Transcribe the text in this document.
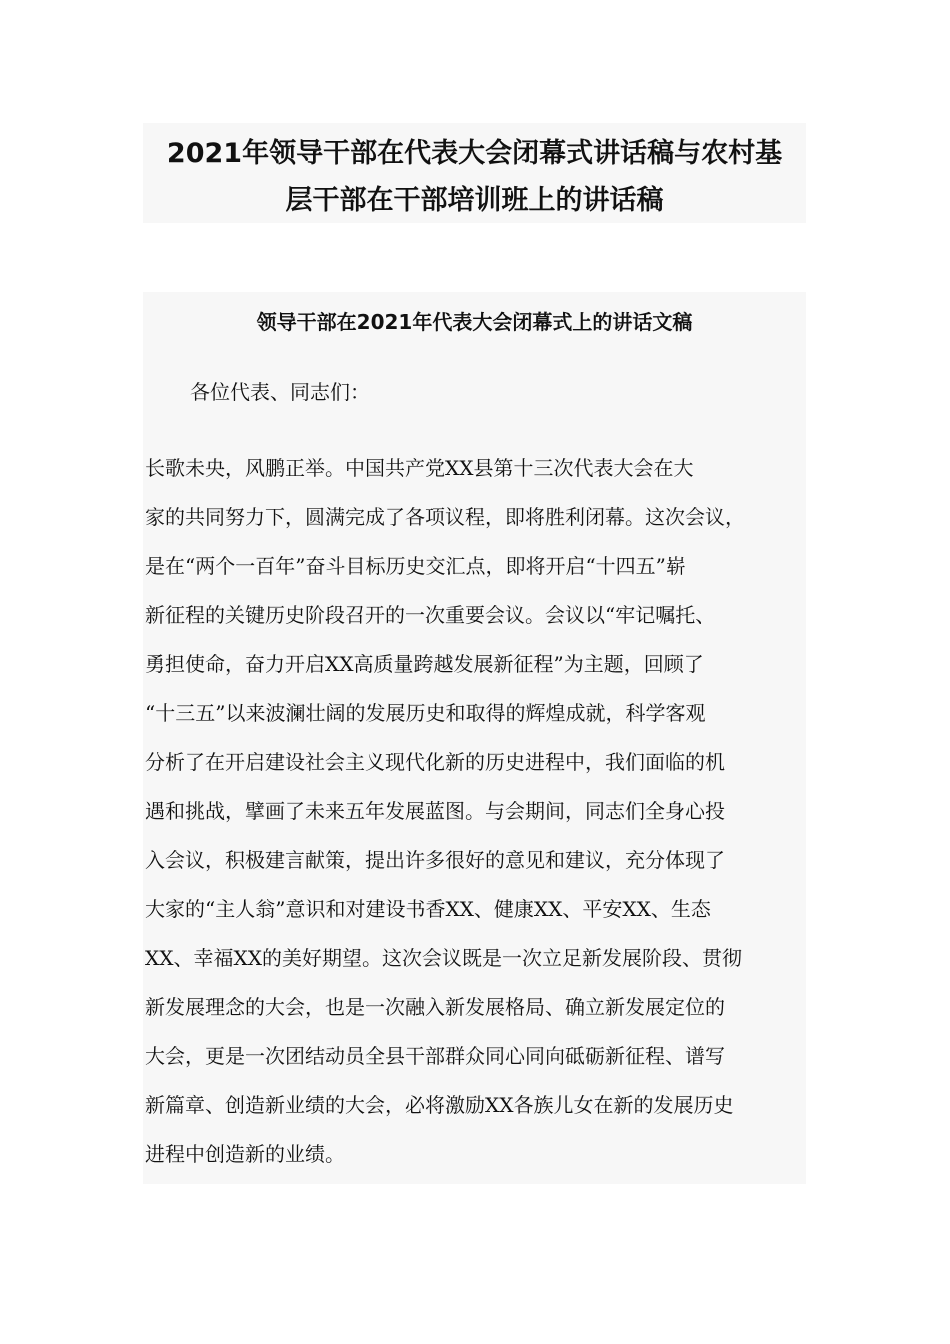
2021年领导干部在代表大会闭幕式讲话稿与农村基
层干部在干部培训班上的讲话稿
领导干部在2021年代表大会闭幕式上的讲话文稿
各位代表、同志们：
长歌未央，风鹏正举。中国共产党XX县第十三次代表大会在大
家的共同努力下，圆满完成了各项议程，即将胜利闭幕。这次会议，
是在“两个一百年”奋斗目标历史交汇点，即将开启“十四五”崭
新征程的关键历史阶段召开的一次重要会议。会议以“牢记嘱托、
勇担使命，奋力开启XX高质量跨越发展新征程”为主题，回顾了
“十三五”以来波澜壮阔的发展历史和取得的辉煌成就，科学客观
分析了在开启建设社会主义现代化新的历史进程中，我们面临的机
遇和挑战，擘画了未来五年发展蓝图。与会期间，同志们全身心投
入会议，积极建言献策，提出许多很好的意见和建议，充分体现了
大家的“主人翁”意识和对建设书香XX、健康XX、平安XX、生态
XX、幸福XX的美好期望。这次会议既是一次立足新发展阶段、贯彻
新发展理念的大会，也是一次融入新发展格局、确立新发展定位的
大会，更是一次团结动员全县干部群众同心同向砥砺新征程、谱写
新篇章、创造新业绩的大会，必将激励XX各族儿女在新的发展历史
进程中创造新的业绩。
